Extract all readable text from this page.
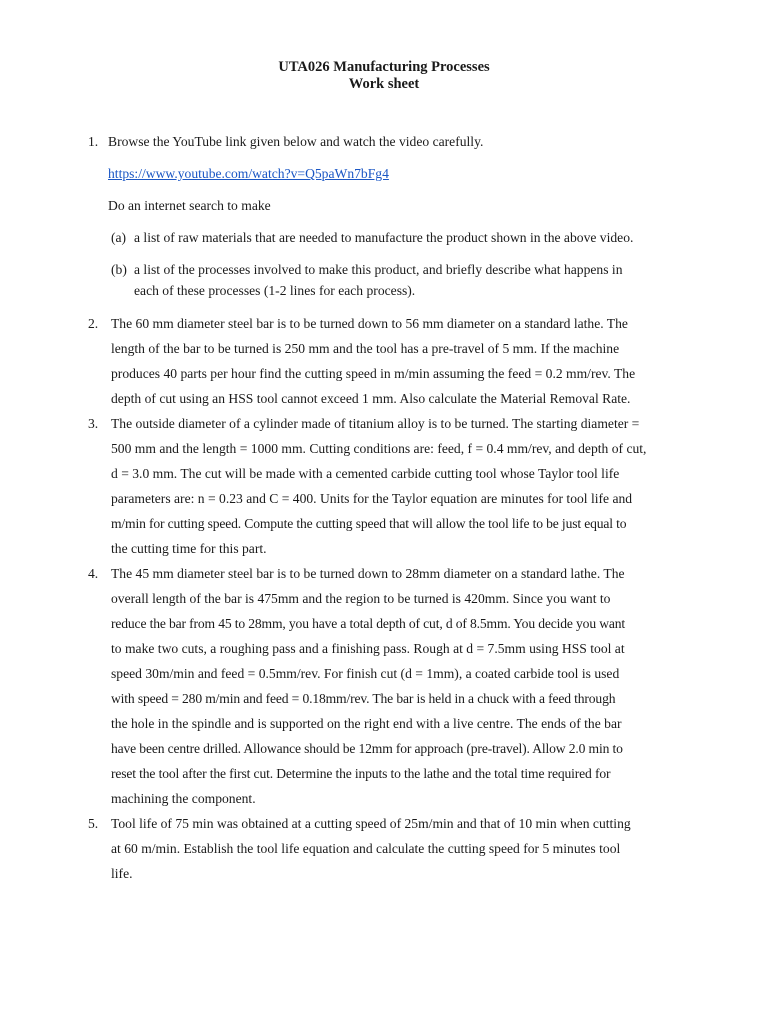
UTA026 Manufacturing Processes
Work sheet
1. Browse the YouTube link given below and watch the video carefully.
https://www.youtube.com/watch?v=Q5paWn7bFg4
Do an internet search to make
(a) a list of raw materials that are needed to manufacture the product shown in the above video.
(b) a list of the processes involved to make this product, and briefly describe what happens in
each of these processes (1-2 lines for each process).
2. The 60 mm diameter steel bar is to be turned down to 56 mm diameter on a standard lathe. The
length of the bar to be turned is 250 mm and the tool has a pre-travel of 5 mm. If the machine
produces 40 parts per hour find the cutting speed in m/min assuming the feed = 0.2 mm/rev. The
depth of cut using an HSS tool cannot exceed 1 mm. Also calculate the Material Removal Rate.
3. The outside diameter of a cylinder made of titanium alloy is to be turned. The starting diameter =
500 mm and the length = 1000 mm. Cutting conditions are: feed, f = 0.4 mm/rev, and depth of cut,
d = 3.0 mm. The cut will be made with a cemented carbide cutting tool whose Taylor tool life
parameters are: n = 0.23 and C = 400. Units for the Taylor equation are minutes for tool life and
m/min for cutting speed. Compute the cutting speed that will allow the tool life to be just equal to
the cutting time for this part.
4. The 45 mm diameter steel bar is to be turned down to 28mm diameter on a standard lathe. The
overall length of the bar is 475mm and the region to be turned is 420mm. Since you want to
reduce the bar from 45 to 28mm, you have a total depth of cut, d of 8.5mm. You decide you want
to make two cuts, a roughing pass and a finishing pass. Rough at d = 7.5mm using HSS tool at
speed 30m/min and feed = 0.5mm/rev. For finish cut (d = 1mm), a coated carbide tool is used
with speed = 280 m/min and feed = 0.18mm/rev. The bar is held in a chuck with a feed through
the hole in the spindle and is supported on the right end with a live centre. The ends of the bar
have been centre drilled. Allowance should be 12mm for approach (pre-travel). Allow 2.0 min to
reset the tool after the first cut. Determine the inputs to the lathe and the total time required for
machining the component.
5. Tool life of 75 min was obtained at a cutting speed of 25m/min and that of 10 min when cutting
at 60 m/min. Establish the tool life equation and calculate the cutting speed for 5 minutes tool
life.
